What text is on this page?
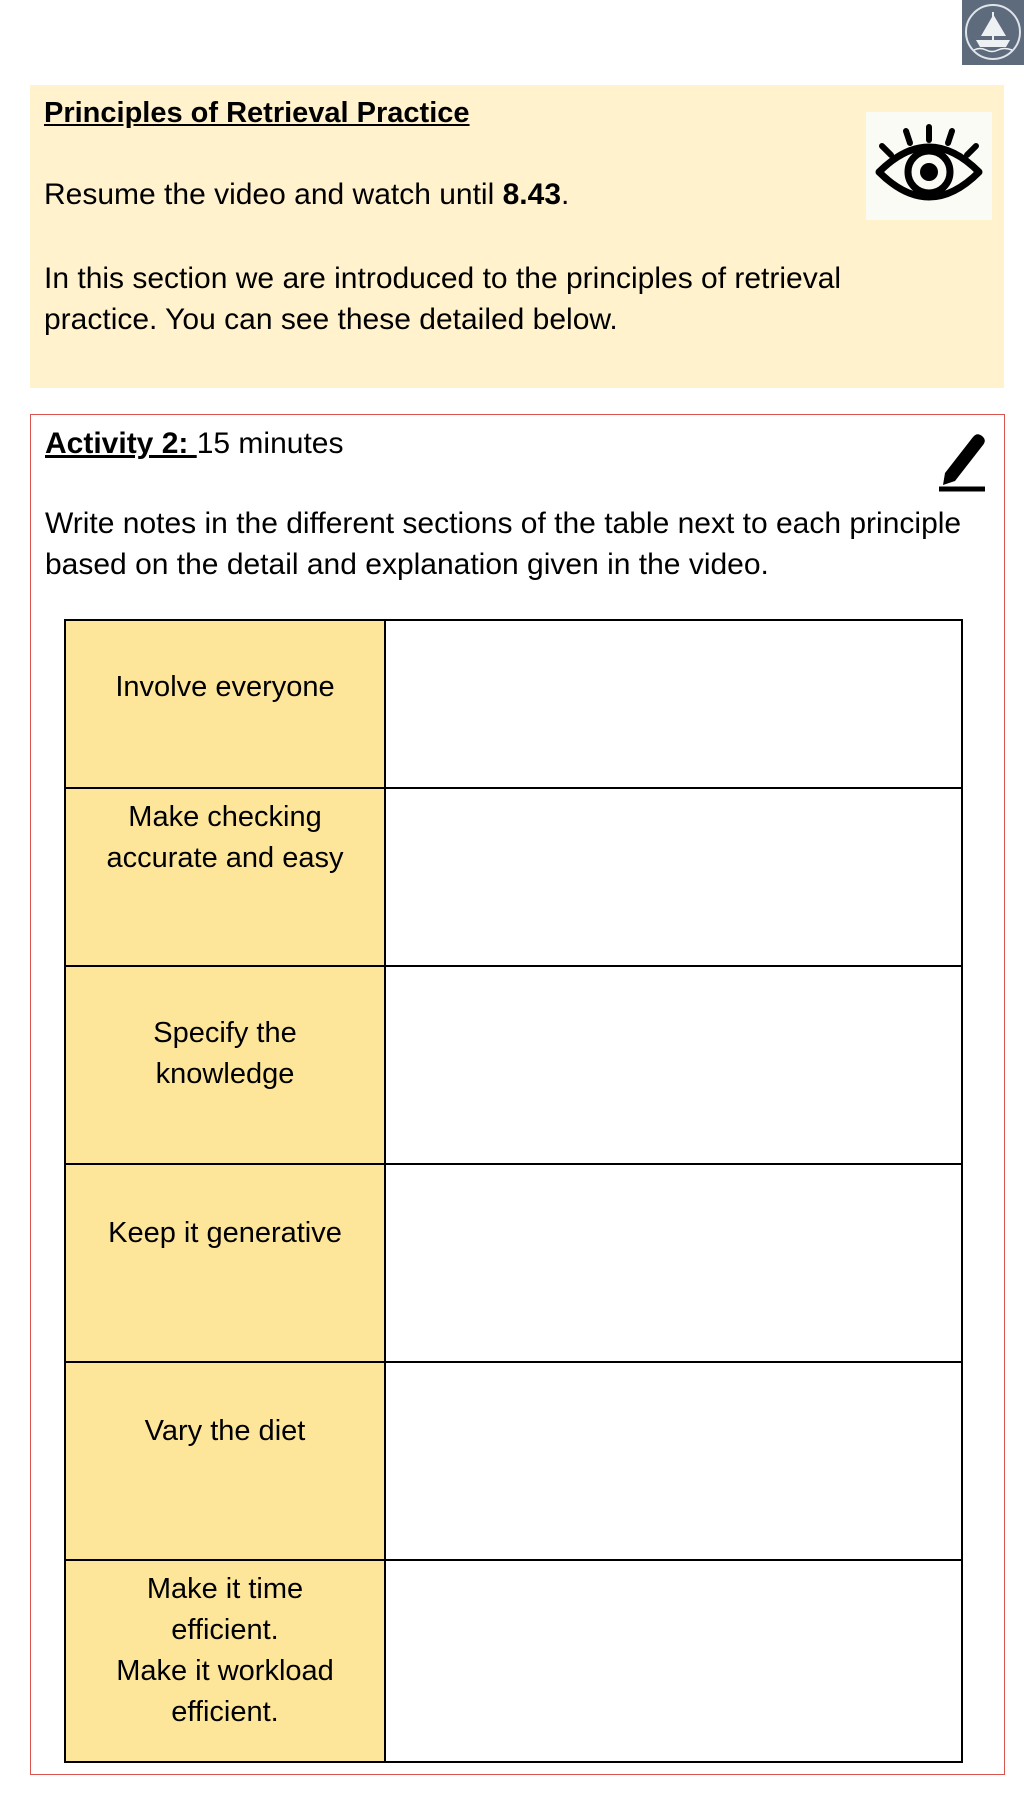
Principles of Retrieval Practice

Resume the video and watch until 8.43.

In this section we are introduced to the principles of retrieval practice. You can see these detailed below.

Activity 2: 15 minutes

Write notes in the different sections of the table next to each principle based on the detail and explanation given in the video.

Involve everyone	

Make checking accurate and easy	

Specify the knowledge	

Keep it generative	

Vary the diet	

Make it time efficient.
Make it workload efficient.	
